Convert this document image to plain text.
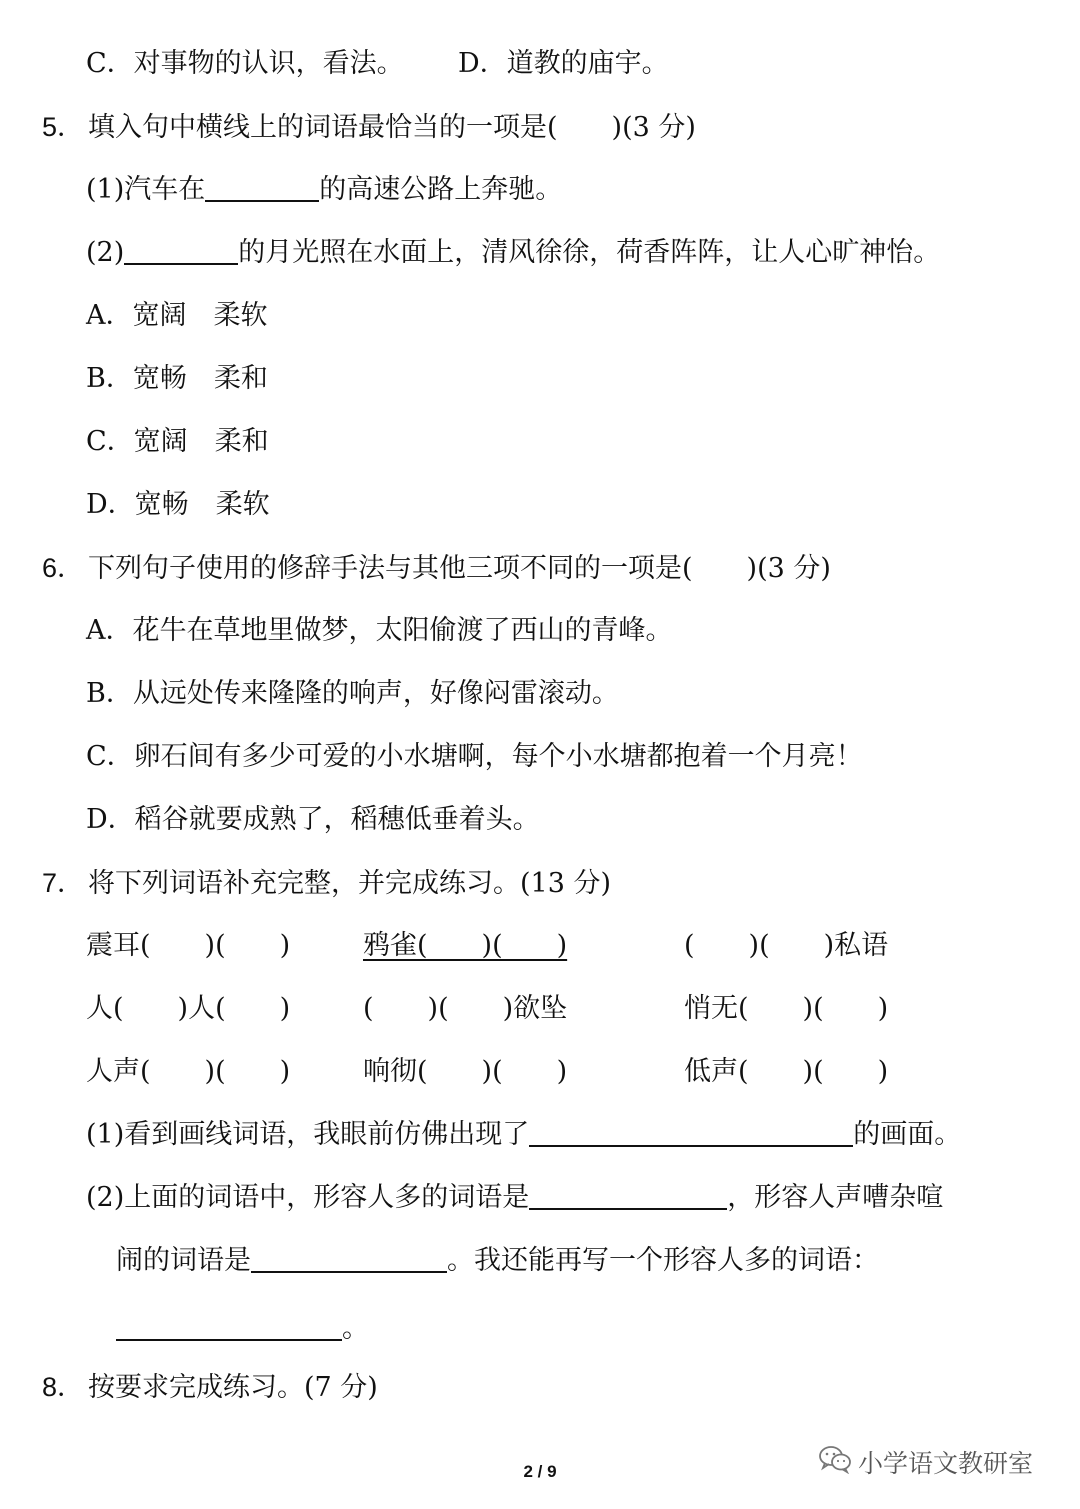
C．对事物的认识，看法。 D．道教的庙宇。
5． 填入句中横线上的词语最恰当的一项是(　　)(3 分)
(1)汽车在	的高速公路上奔驰。
(2)	的月光照在水面上，清风徐徐，荷香阵阵，让人心旷神怡。
A．宽阔　柔软
B．宽畅　柔和
C．宽阔　柔和
D．宽畅　柔软
6． 下列句子使用的修辞手法与其他三项不同的一项是(　　)(3 分)
A．花牛在草地里做梦，太阳偷渡了西山的青峰。
B．从远处传来隆隆的响声，好像闷雷滚动。
C．卵石间有多少可爱的小水塘啊，每个小水塘都抱着一个月亮！
D．稻谷就要成熟了，稻穗低垂着头。
7． 将下列词语补充完整，并完成练习。(13 分)
震耳(　　)(　　)	鸦雀(　　)(　　)	(　　)(　　)私语
人(　　)人(　　)	(　　)(　　)欲坠	悄无(　　)(　　)
人声(　　)(　　)	响彻(　　)(　　)	低声(　　)(　　)
(1)看到画线词语，我眼前仿佛出现了	的画面。
(2)上面的词语中，形容人多的词语是	，形容人声嘈杂喧
闹的词语是	。我还能再写一个形容人多的词语：
。
8． 按要求完成练习。(7 分)
2 / 9	小学语文教研室
